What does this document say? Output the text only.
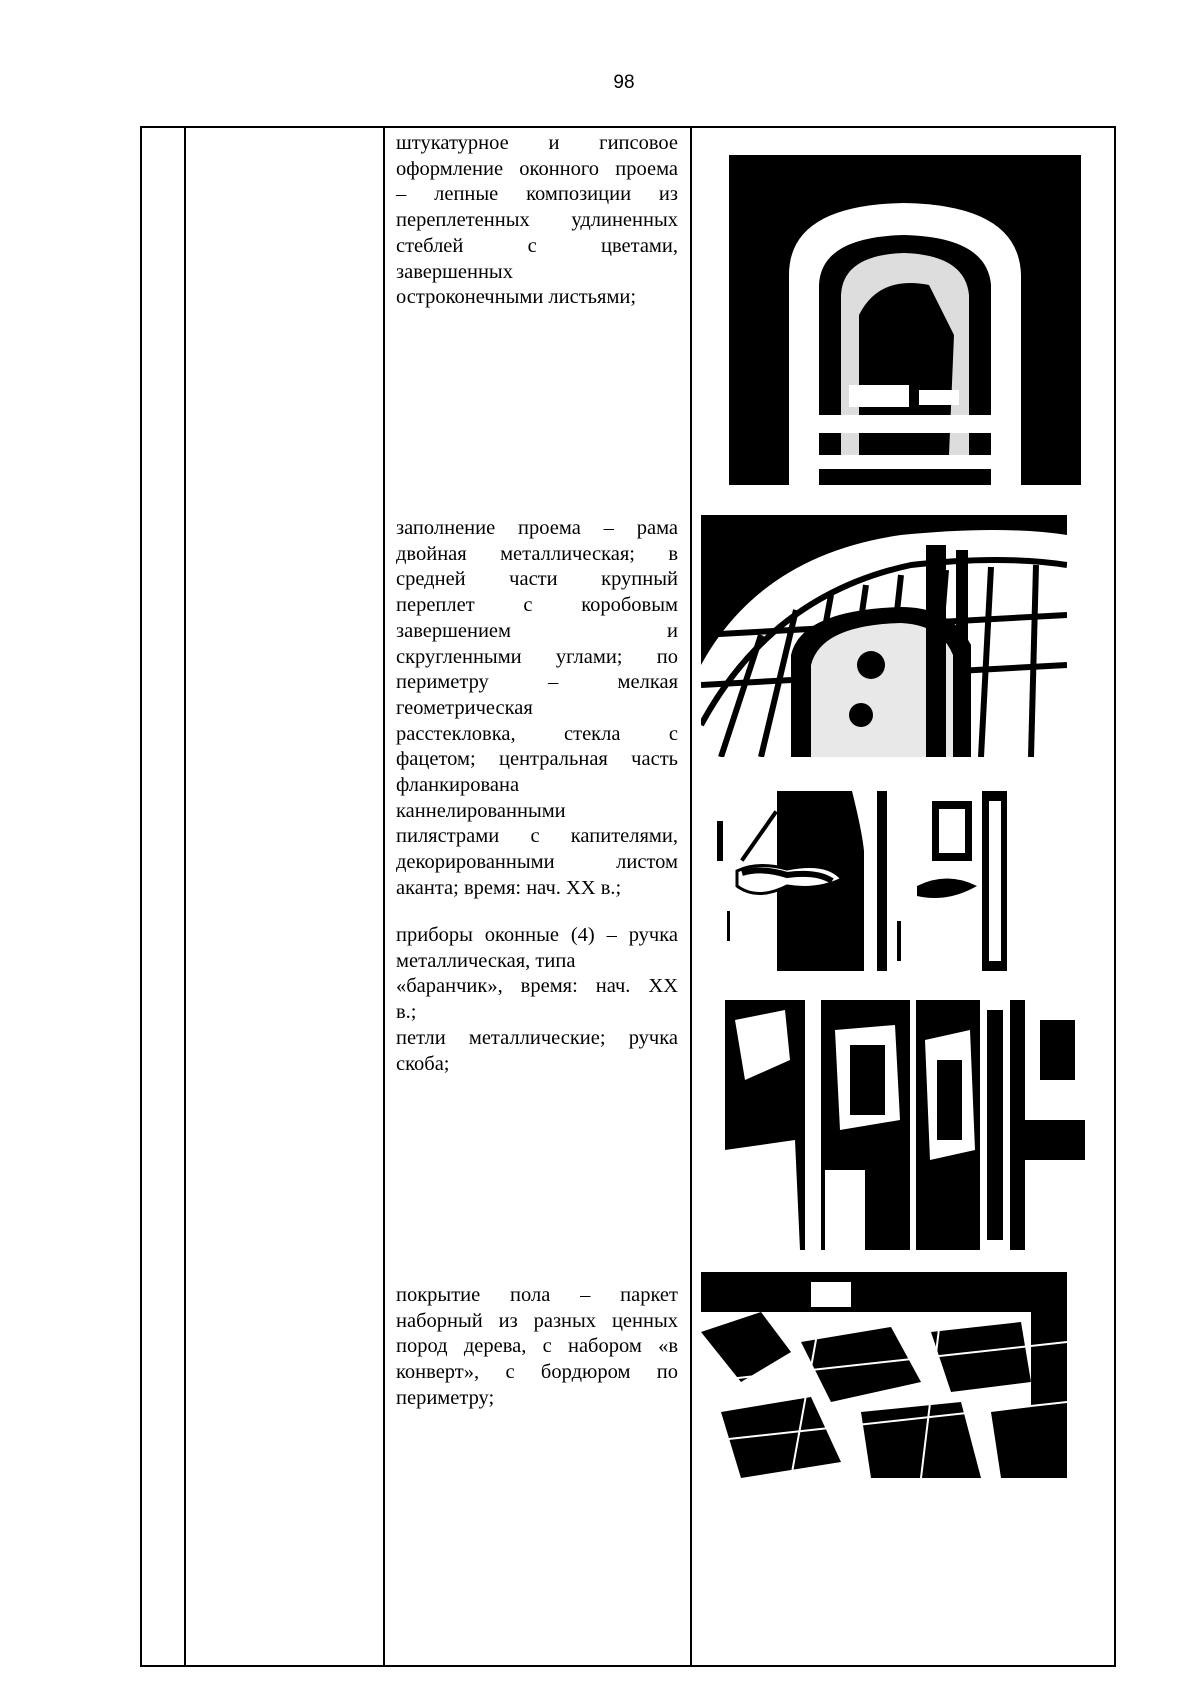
98
штукатурное и гипсовое
оформление оконного проема
– лепные композиции из
переплетенных удлиненных
стеблей с цветами,
завершенных
остроконечными листьями;
заполнение проема – рама
двойная металлическая; в
средней части крупный
переплет с коробовым
завершением и
скругленными углами; по
периметру – мелкая
геометрическая
расстекловка, стекла с
фацетом; центральная часть
фланкирована
каннелированными
пилястрами с капителями,
декорированными листом
аканта; время: нач. XX в.;
приборы оконные (4) – ручка
металлическая, типа
«баранчик», время: нач. XX
в.;
петли металлические; ручка
скоба;
покрытие пола – паркет
наборный из разных ценных
пород дерева, с набором «в
конверт», с бордюром по
периметру;
